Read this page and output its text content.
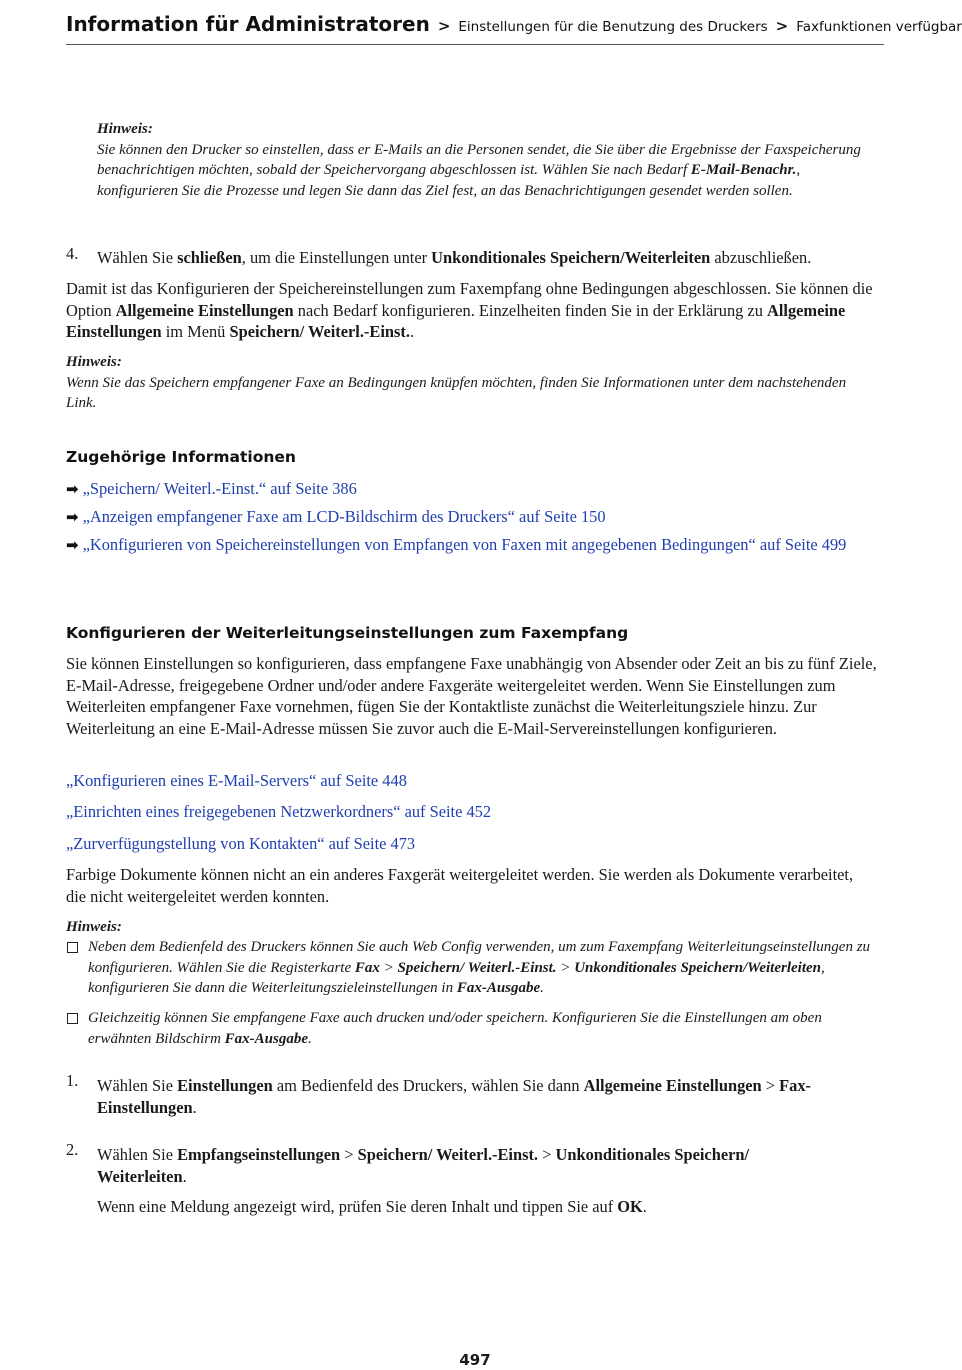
Information für Administratoren > Einstellungen für die Benutzung des Druckers > Faxfunktionen verfügbar
Hinweis:
Sie können den Drucker so einstellen, dass er E-Mails an die Personen sendet, die Sie über die Ergebnisse der Faxspeicherung benachrichtigen möchten, sobald der Speichervorgang abgeschlossen ist. Wählen Sie nach Bedarf E-Mail-Benachr., konfigurieren Sie die Prozesse und legen Sie dann das Ziel fest, an das Benachrichtigungen gesendet werden sollen.
4. Wählen Sie schließen, um die Einstellungen unter Unkonditionales Speichern/Weiterleiten abzuschließen.
Damit ist das Konfigurieren der Speichereinstellungen zum Faxempfang ohne Bedingungen abgeschlossen. Sie können die Option Allgemeine Einstellungen nach Bedarf konfigurieren. Einzelheiten finden Sie in der Erklärung zu Allgemeine Einstellungen im Menü Speichern/ Weiterl.-Einst..
Hinweis:
Wenn Sie das Speichern empfangener Faxe an Bedingungen knüpfen möchten, finden Sie Informationen unter dem nachstehenden Link.
Zugehörige Informationen
➡ „Speichern/ Weiterl.-Einst.“ auf Seite 386
➡ „Anzeigen empfangener Faxe am LCD-Bildschirm des Druckers“ auf Seite 150
➡ „Konfigurieren von Speichereinstellungen von Empfangen von Faxen mit angegebenen Bedingungen“ auf Seite 499
Konfigurieren der Weiterleitungseinstellungen zum Faxempfang
Sie können Einstellungen so konfigurieren, dass empfangene Faxe unabhängig von Absender oder Zeit an bis zu fünf Ziele, E-Mail-Adresse, freigegebene Ordner und/oder andere Faxgeräte weitergeleitet werden. Wenn Sie Einstellungen zum Weiterleiten empfangener Faxe vornehmen, fügen Sie der Kontaktliste zunächst die Weiterleitungsziele hinzu. Zur Weiterleitung an eine E-Mail-Adresse müssen Sie zuvor auch die E-Mail-Servereinstellungen konfigurieren.
„Konfigurieren eines E-Mail-Servers“ auf Seite 448
„Einrichten eines freigegebenen Netzwerkordners“ auf Seite 452
„Zurverfügungstellung von Kontakten“ auf Seite 473
Farbige Dokumente können nicht an ein anderes Faxgerät weitergeleitet werden. Sie werden als Dokumente verarbeitet, die nicht weitergeleitet werden konnten.
Hinweis:
Neben dem Bedienfeld des Druckers können Sie auch Web Config verwenden, um zum Faxempfang Weiterleitungseinstellungen zu konfigurieren. Wählen Sie die Registerkarte Fax > Speichern/ Weiterl.-Einst. > Unkonditionales Speichern/Weiterleiten, konfigurieren Sie dann die Weiterleitungszieleinstellungen in Fax-Ausgabe.
Gleichzeitig können Sie empfangene Faxe auch drucken und/oder speichern. Konfigurieren Sie die Einstellungen am oben erwähnten Bildschirm Fax-Ausgabe.
1. Wählen Sie Einstellungen am Bedienfeld des Druckers, wählen Sie dann Allgemeine Einstellungen > Fax-Einstellungen.
2. Wählen Sie Empfangseinstellungen > Speichern/ Weiterl.-Einst. > Unkonditionales Speichern/ Weiterleiten.
Wenn eine Meldung angezeigt wird, prüfen Sie deren Inhalt und tippen Sie auf OK.
497
